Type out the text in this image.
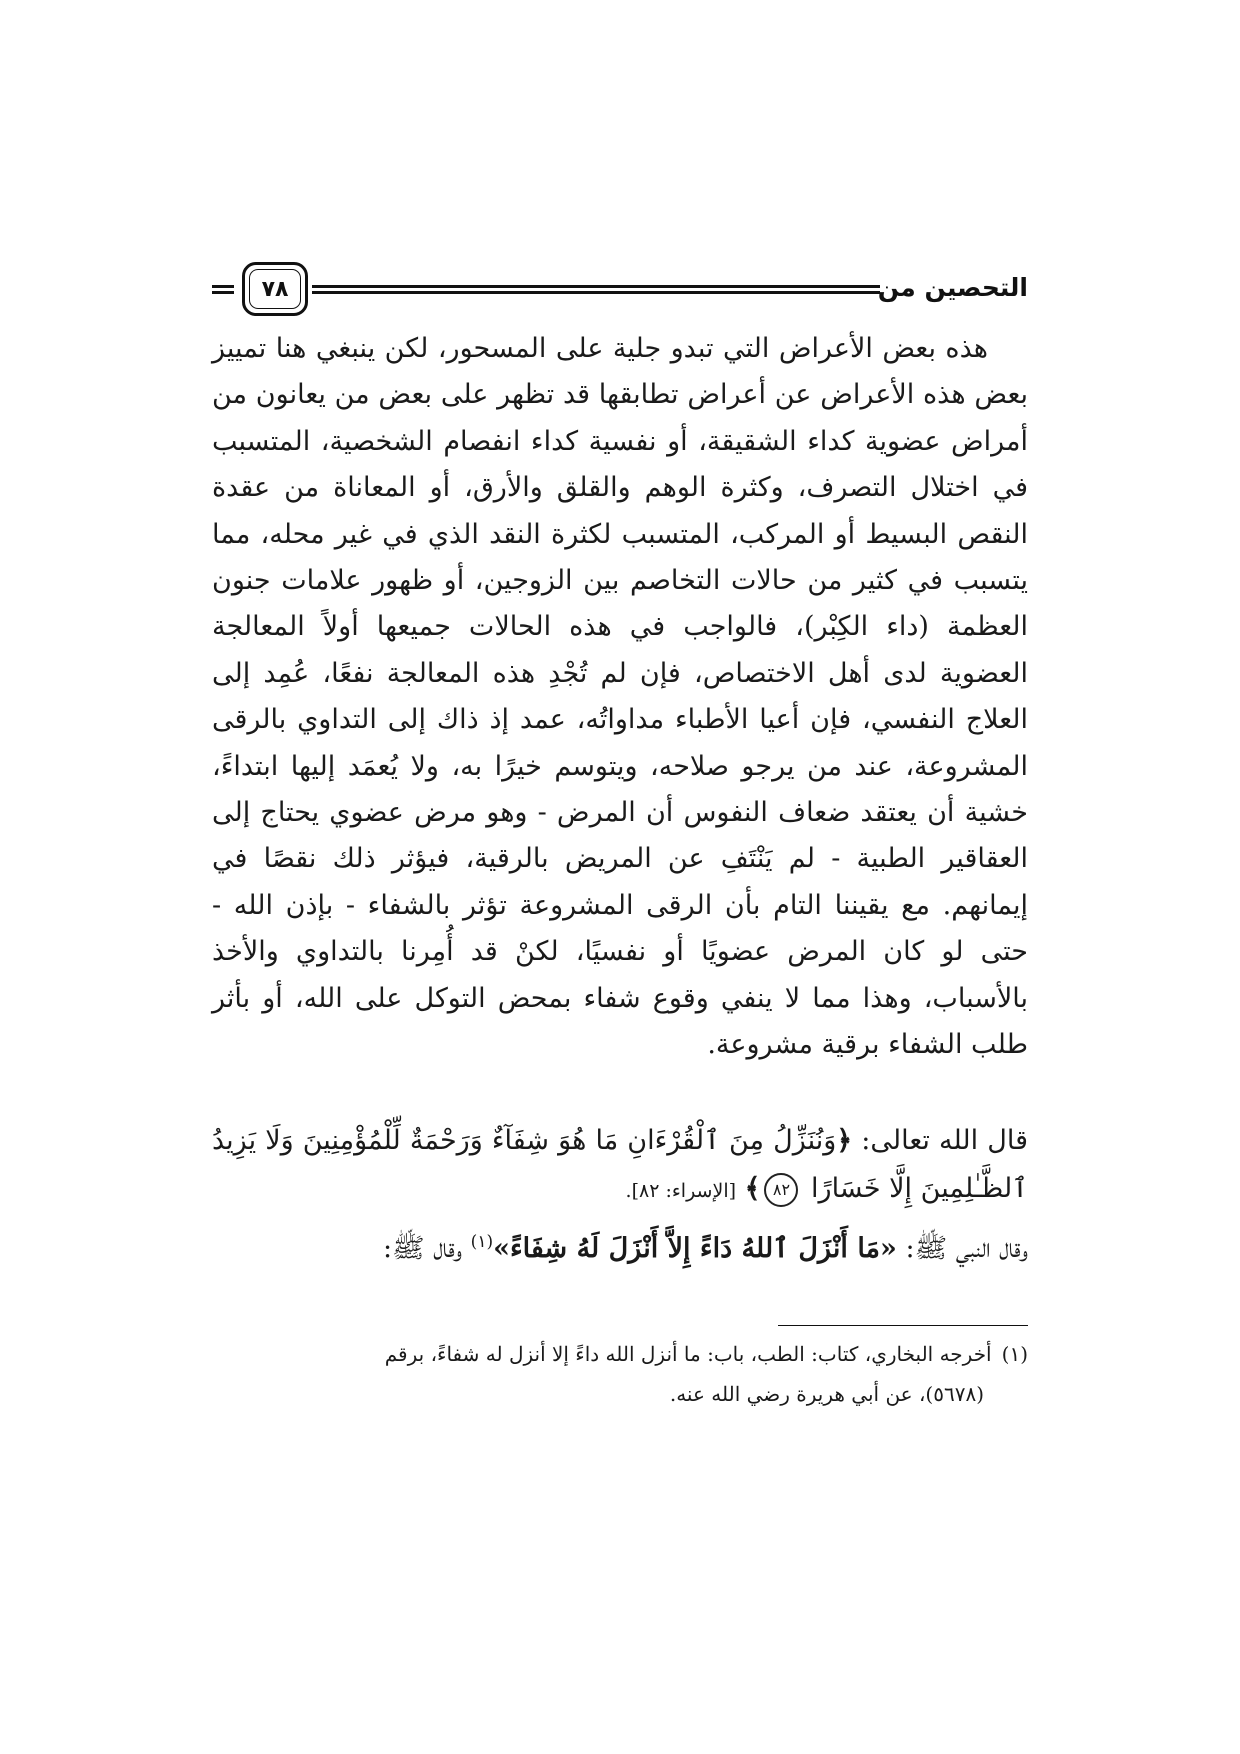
التحصين من
٧٨

هذه بعض الأعراض التي تبدو جلية على المسحور، لكن ينبغي هنا تمييز بعض هذه الأعراض عن أعراض تطابقها قد تظهر على بعض من يعانون من أمراض عضوية كداء الشقيقة، أو نفسية كداء انفصام الشخصية، المتسبب في اختلال التصرف، وكثرة الوهم والقلق والأرق، أو المعاناة من عقدة النقص البسيط أو المركب، المتسبب لكثرة النقد الذي في غير محله، مما يتسبب في كثير من حالات التخاصم بين الزوجين، أو ظهور علامات جنون العظمة (داء الكِبْر)، فالواجب في هذه الحالات جميعها أولاً المعالجة العضوية لدى أهل الاختصاص، فإن لم تُجْدِ هذه المعالجة نفعًا، عُمِد إلى العلاج النفسي، فإن أعيا الأطباء مداواتُه، عمد إذ ذاك إلى التداوي بالرقى المشروعة، عند من يرجو صلاحه، ويتوسم خيرًا به، ولا يُعمَد إليها ابتداءً، خشية أن يعتقد ضعاف النفوس أن المرض - وهو مرض عضوي يحتاج إلى العقاقير الطبية - لم يَنْتَفِ عن المريض بالرقية، فيؤثر ذلك نقصًا في إيمانهم. مع يقيننا التام بأن الرقى المشروعة تؤثر بالشفاء - بإذن الله - حتى لو كان المرض عضويًا أو نفسيًا، لكنْ قد أُمِرنا بالتداوي والأخذ بالأسباب، وهذا مما لا ينفي وقوع شفاء بمحض التوكل على الله، أو بأثر طلب الشفاء برقية مشروعة.

قال الله تعالى: ﴿وَنُنَزِّلُ مِنَ ٱلْقُرْءَانِ مَا هُوَ شِفَآءٌ وَرَحْمَةٌ لِّلْمُؤْمِنِينَ وَلَا يَزِيدُ ٱلظَّـٰلِمِينَ إِلَّا خَسَارًا ٨٢﴾ [الإسراء: ٨٢].

وقال النبي ﷺ: «مَا أَنْزَلَ ٱللهُ دَاءً إِلاَّ أَنْزَلَ لَهُ شِفَاءً»$^{(١)}$ وقال ﷺ:

(١)أخرجه البخاري، كتاب: الطب، باب: ما أنزل الله داءً إلا أنزل له شفاءً، برقم
(٥٦٧٨)، عن أبي هريرة رضي الله عنه.
